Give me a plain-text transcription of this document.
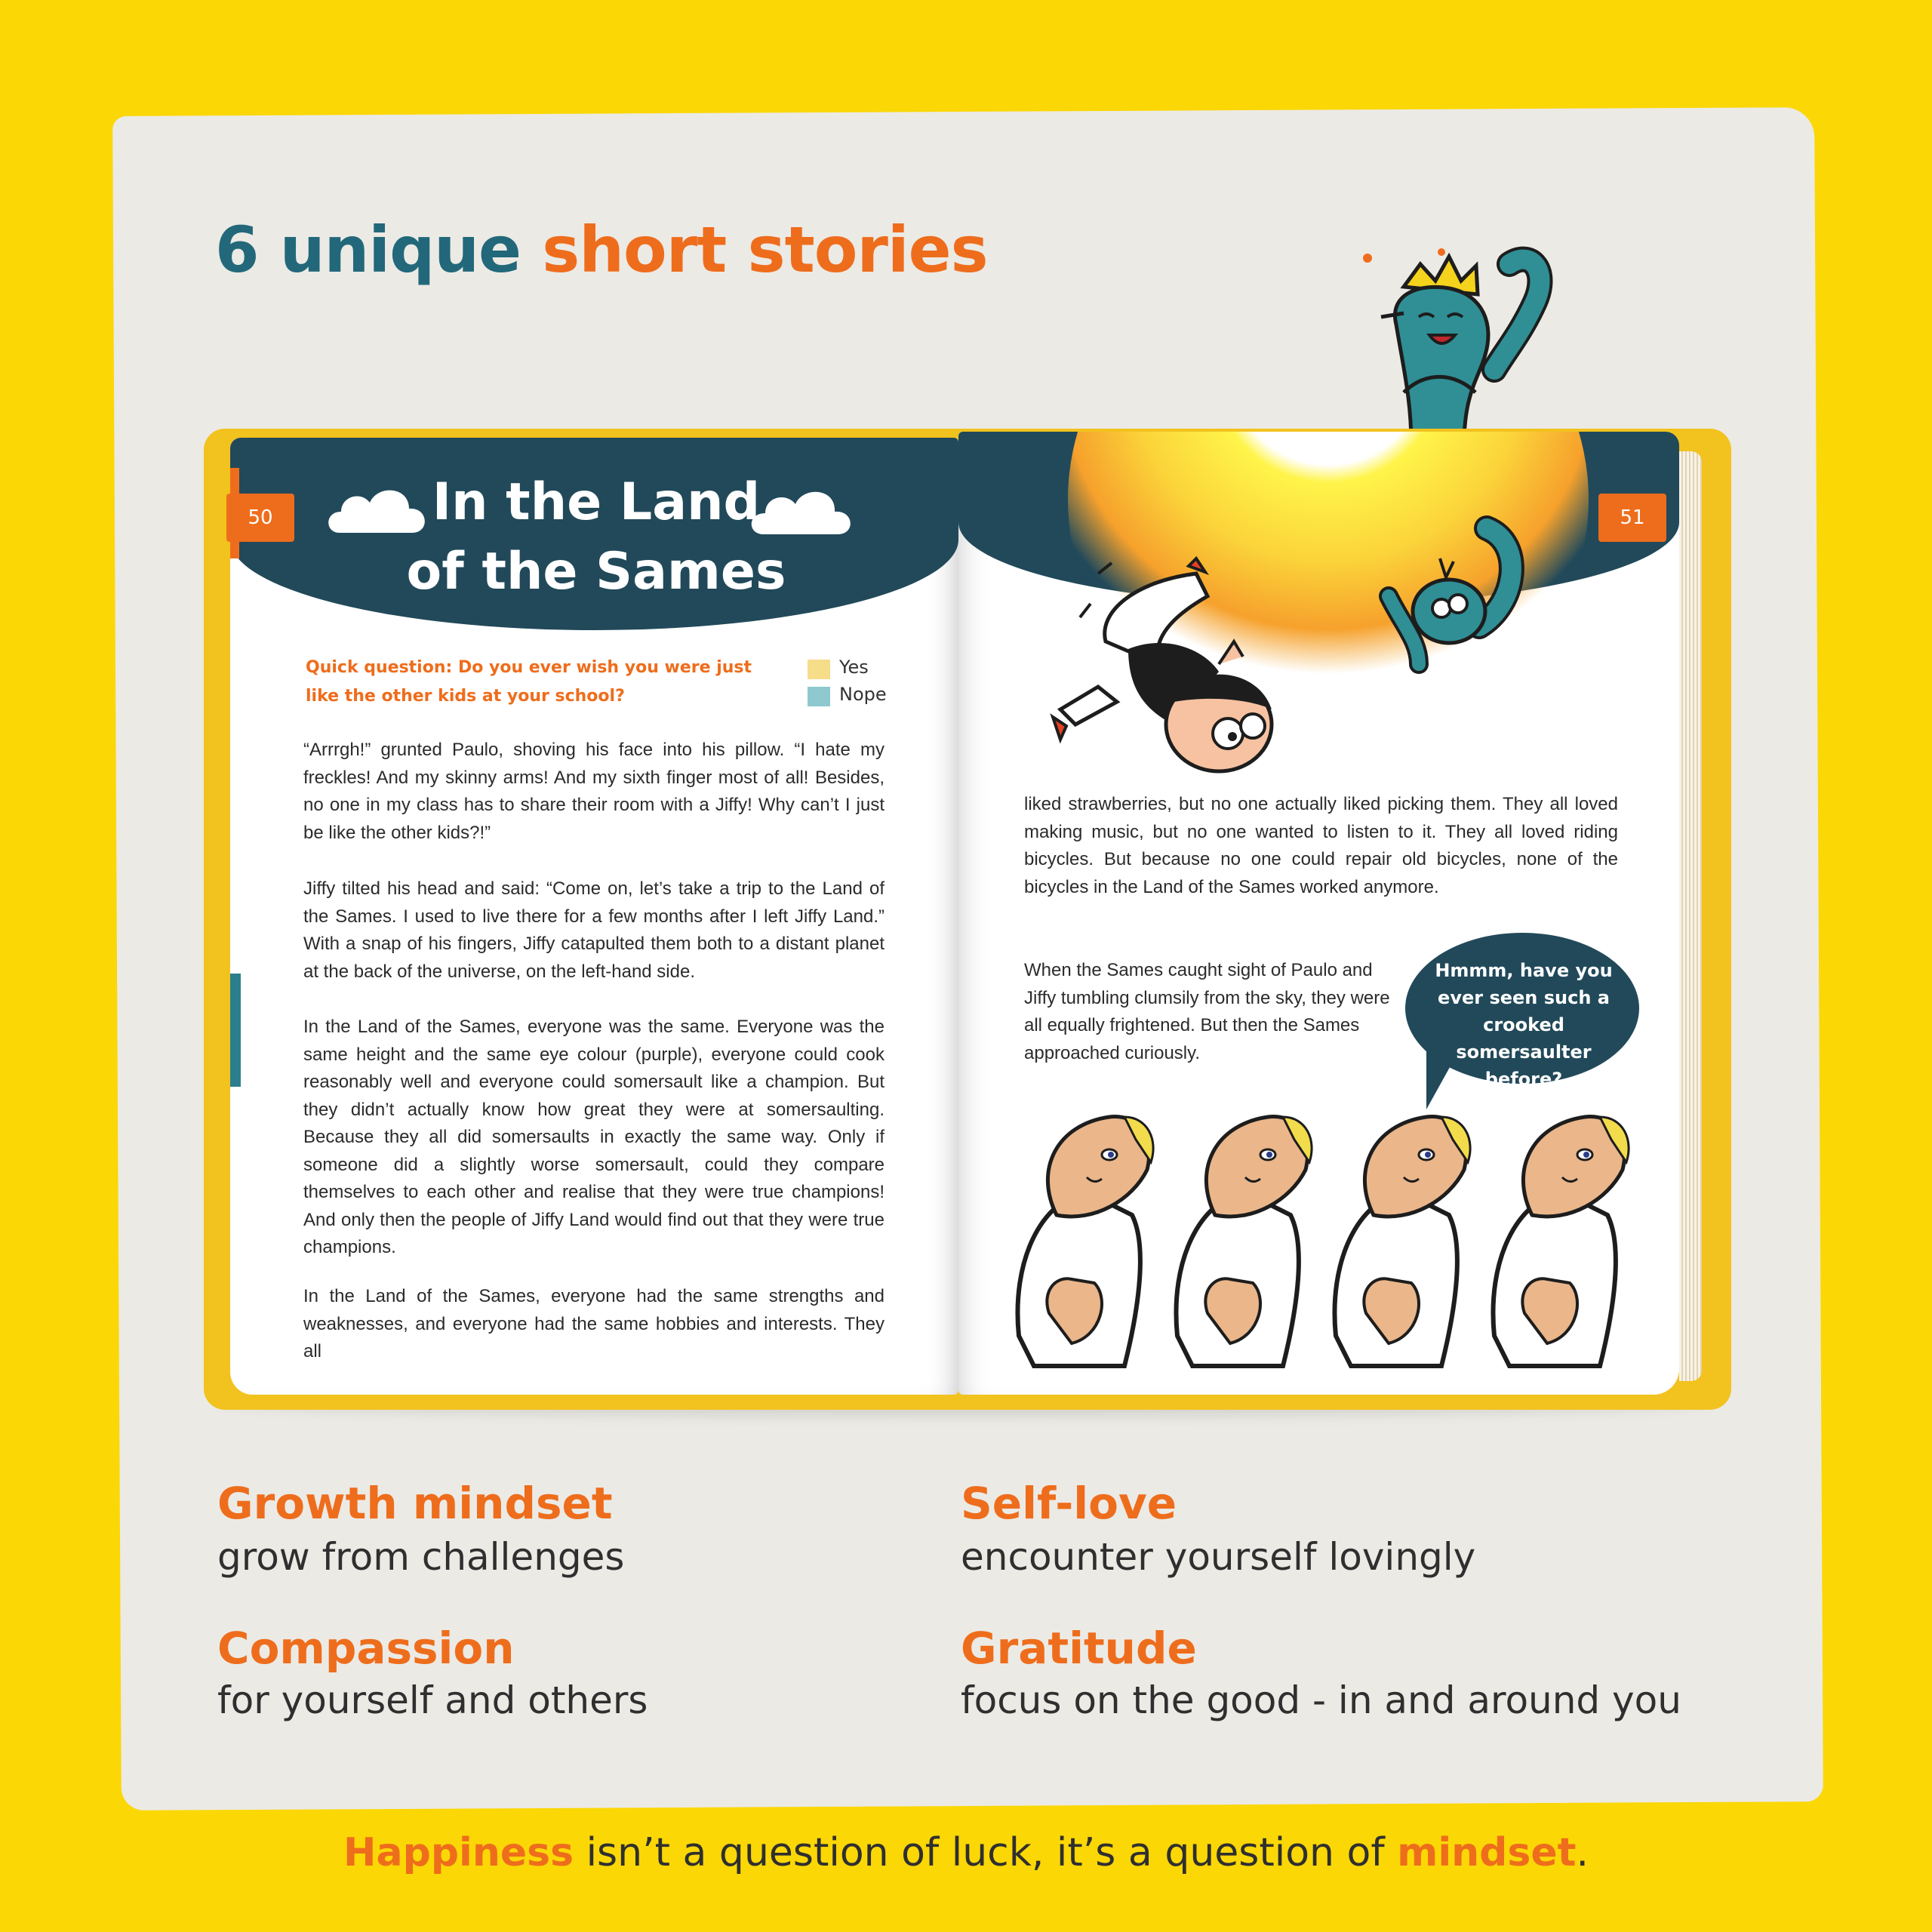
6 unique short stories
50	51
In the Land
of the Sames

Quick question: Do you ever wish you were just like the other kids at your school?

Yes
Nope

“Arrrgh!” grunted Paulo, shoving his face into his pillow. “I hate my freckles! And my skinny arms! And my sixth finger most of all! Besides, no one in my class has to share their room with a Jiffy! Why can’t I just be like the other kids?!”

Jiffy tilted his head and said: “Come on, let’s take a trip to the Land of the Sames. I used to live there for a few months after I left Jiffy Land.” With a snap of his fingers, Jiffy catapulted them both to a distant planet at the back of the universe, on the left-hand side.

In the Land of the Sames, everyone was the same. Everyone was the same height and the same eye colour (purple), everyone could cook reasonably well and everyone could somersault like a champion. But they didn’t actually know how great they were at somersaulting. Because they all did somersaults in exactly the same way. Only if someone did a slightly worse somersault, could they compare themselves to each other and realise that they were true champions! And only then the people of Jiffy Land would find out that they were true champions.

In the Land of the Sames, everyone had the same strengths and weaknesses, and everyone had the same hobbies and interests. They all

liked strawberries, but no one actually liked picking them. They all loved making music, but no one wanted to listen to it. They all loved riding bicycles. But because no one could repair old bicycles, none of the bicycles in the Land of the Sames worked anymore.

When the Sames caught sight of Paulo and Jiffy tumbling clumsily from the sky, they were all equally frightened. But then the Sames approached curiously.

Hmmm, have you ever seen such a crooked somersaulter before?

Growth mindset

grow from challenges

Self-love

encounter yourself lovingly

Compassion

for yourself and others

Gratitude

focus on the good - in and around you

Happiness isn’t a question of luck, it’s a question of mindset.
